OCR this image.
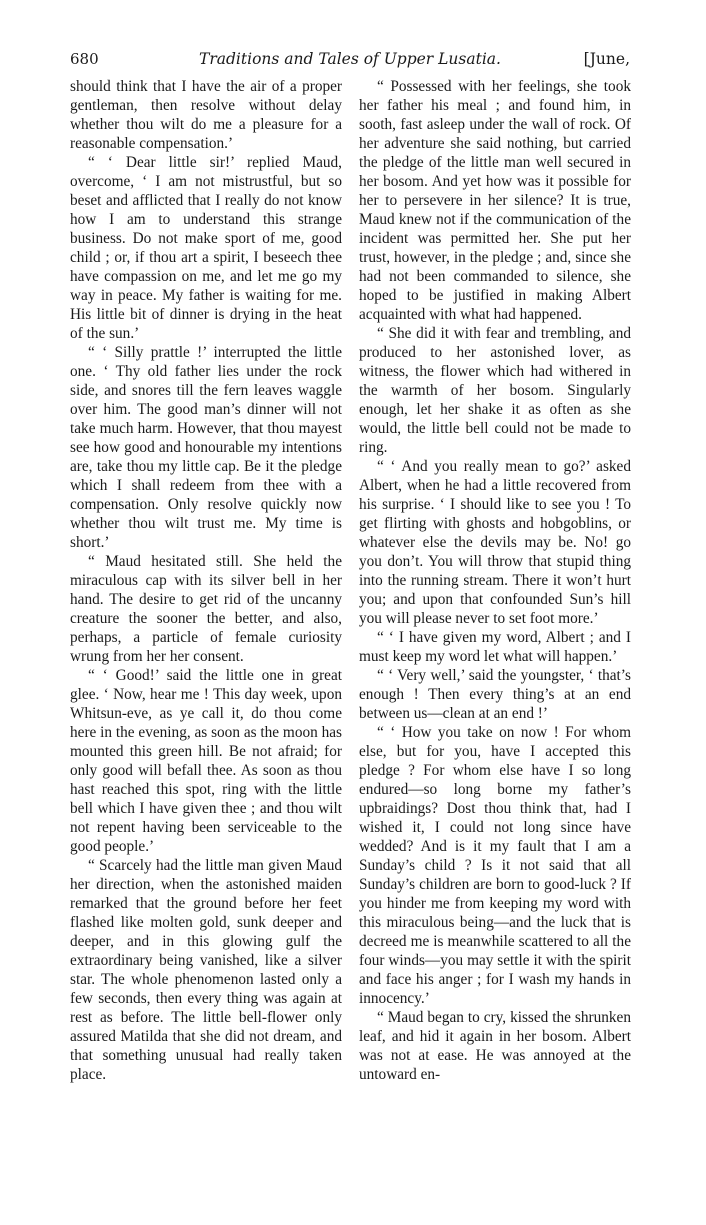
Traditions and Tales of Upper Lusatia.
680	[June,

should think that I have the air of a proper gentleman, then resolve without delay whether thou wilt do me a pleasure for a reasonable compensation.’

“ ‘ Dear little sir!’ replied Maud, overcome, ‘ I am not mistrustful, but so beset and afflicted that I really do not know how I am to understand this strange business. Do not make sport of me, good child ; or, if thou art a spirit, I beseech thee have compassion on me, and let me go my way in peace. My father is waiting for me. His little bit of dinner is drying in the heat of the sun.’

“ ‘ Silly prattle !’ interrupted the little one. ‘ Thy old father lies under the rock side, and snores till the fern leaves waggle over him. The good man’s dinner will not take much harm. However, that thou mayest see how good and honourable my intentions are, take thou my little cap. Be it the pledge which I shall redeem from thee with a compensation. Only resolve quickly now whether thou wilt trust me. My time is short.’

“ Maud hesitated still. She held the miraculous cap with its silver bell in her hand. The desire to get rid of the uncanny creature the sooner the better, and also, perhaps, a particle of female curiosity wrung from her her consent.

“ ‘ Good!’ said the little one in great glee. ‘ Now, hear me ! This day week, upon Whitsun-eve, as ye call it, do thou come here in the evening, as soon as the moon has mounted this green hill. Be not afraid; for only good will befall thee. As soon as thou hast reached this spot, ring with the little bell which I have given thee ; and thou wilt not repent having been serviceable to the good people.’

“ Scarcely had the little man given Maud her direction, when the astonished maiden remarked that the ground before her feet flashed like molten gold, sunk deeper and deeper, and in this glowing gulf the extraordinary being vanished, like a silver star. The whole phenomenon lasted only a few seconds, then every thing was again at rest as before. The little bell-flower only assured Matilda that she did not dream, and that something unusual had really taken place.

“ Possessed with her feelings, she took her father his meal ; and found him, in sooth, fast asleep under the wall of rock. Of her adventure she said nothing, but carried the pledge of the little man well secured in her bosom. And yet how was it possible for her to persevere in her silence? It is true, Maud knew not if the communication of the incident was permitted her. She put her trust, however, in the pledge ; and, since she had not been commanded to silence, she hoped to be justified in making Albert acquainted with what had happened.

“ She did it with fear and trembling, and produced to her astonished lover, as witness, the flower which had withered in the warmth of her bosom. Singularly enough, let her shake it as often as she would, the little bell could not be made to ring.

“ ‘ And you really mean to go?’ asked Albert, when he had a little recovered from his surprise. ‘ I should like to see you ! To get flirting with ghosts and hobgoblins, or whatever else the devils may be. No! go you don’t. You will throw that stupid thing into the running stream. There it won’t hurt you; and upon that confounded Sun’s hill you will please never to set foot more.’

“ ‘ I have given my word, Albert ; and I must keep my word let what will happen.’

“ ‘ Very well,’ said the youngster, ‘ that’s enough ! Then every thing’s at an end between us—clean at an end !’

“ ‘ How you take on now ! For whom else, but for you, have I accepted this pledge ? For whom else have I so long endured—so long borne my father’s upbraidings? Dost thou think that, had I wished it, I could not long since have wedded? And is it my fault that I am a Sunday’s child ? Is it not said that all Sunday’s children are born to good-luck ? If you hinder me from keeping my word with this miraculous being—and the luck that is decreed me is meanwhile scattered to all the four winds—you may settle it with the spirit and face his anger ; for I wash my hands in innocency.’

“ Maud began to cry, kissed the shrunken leaf, and hid it again in her bosom. Albert was not at ease. He was annoyed at the untoward en-
